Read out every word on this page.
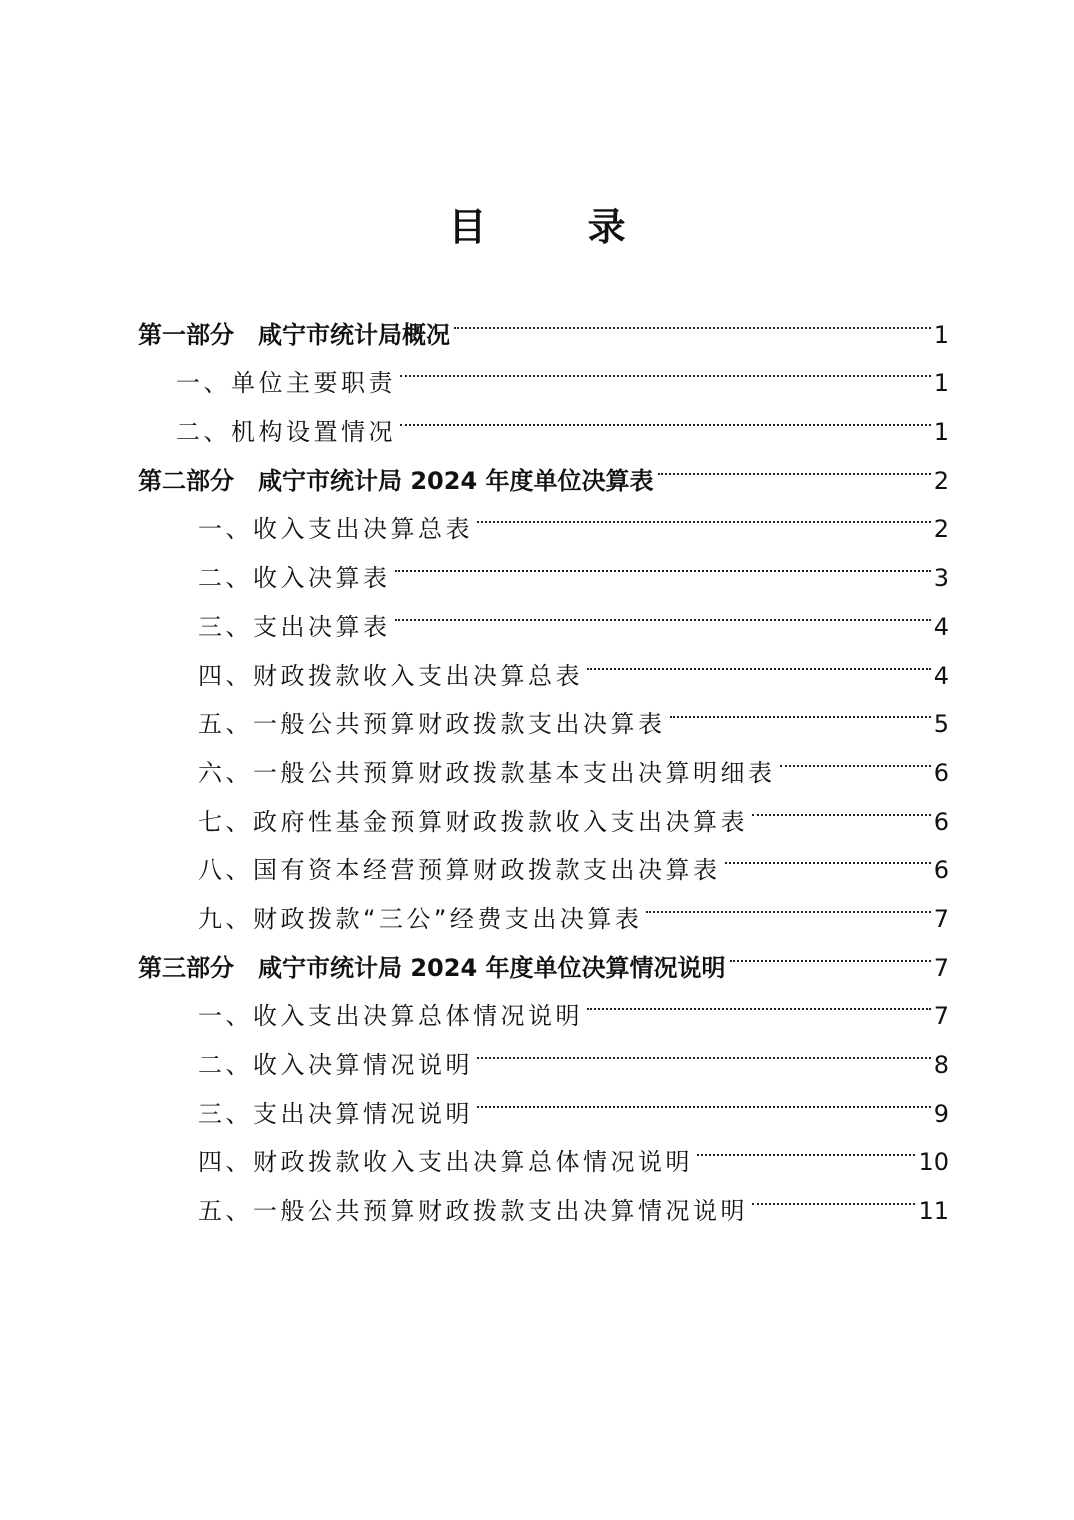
目 录
第一部分　咸宁市统计局概况	1
一、单位主要职责	1
二、机构设置情况	1
第二部分　咸宁市统计局 2024 年度单位决算表	2
一、收入支出决算总表	2
二、收入决算表	3
三、支出决算表	4
四、财政拨款收入支出决算总表	4
五、一般公共预算财政拨款支出决算表	5
六、一般公共预算财政拨款基本支出决算明细表	6
七、政府性基金预算财政拨款收入支出决算表	6
八、国有资本经营预算财政拨款支出决算表	6
九、财政拨款“三公”经费支出决算表	7
第三部分　咸宁市统计局 2024 年度单位决算情况说明	7
一、收入支出决算总体情况说明	7
二、收入决算情况说明	8
三、支出决算情况说明	9
四、财政拨款收入支出决算总体情况说明	10
五、一般公共预算财政拨款支出决算情况说明	11
